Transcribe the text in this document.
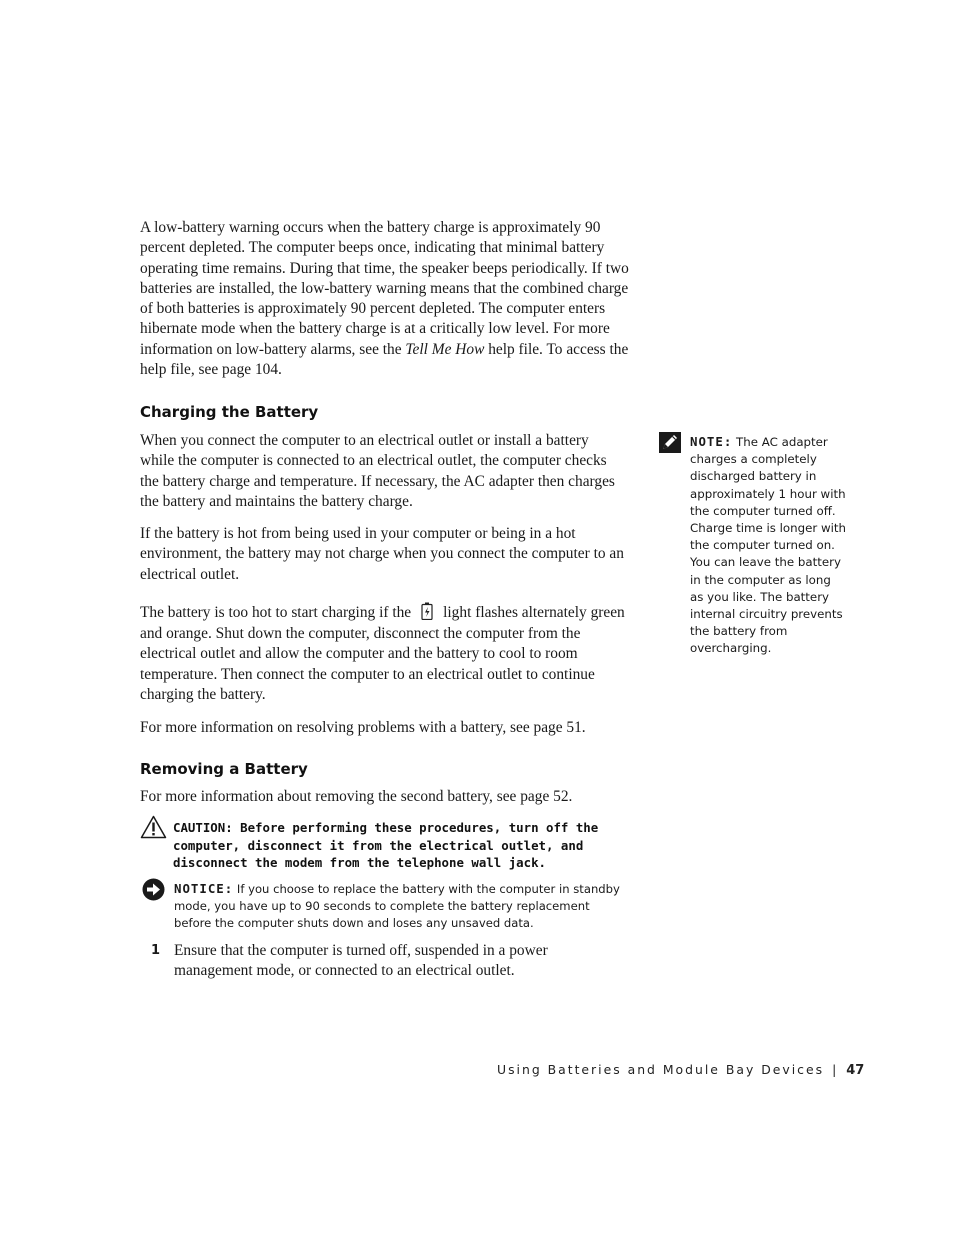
A low-battery warning occurs when the battery charge is approximately 90 percent depleted. The computer beeps once, indicating that minimal battery operating time remains. During that time, the speaker beeps periodically. If two batteries are installed, the low-battery warning means that the combined charge of both batteries is approximately 90 percent depleted. The computer enters hibernate mode when the battery charge is at a critically low level. For more information on low-battery alarms, see the Tell Me How help file. To access the help file, see page 104.
Charging the Battery
When you connect the computer to an electrical outlet or install a battery while the computer is connected to an electrical outlet, the computer checks the battery charge and temperature. If necessary, the AC adapter then charges the battery and maintains the battery charge.
If the battery is hot from being used in your computer or being in a hot environment, the battery may not charge when you connect the computer to an electrical outlet.
The battery is too hot to start charging if the light flashes alternately green and orange. Shut down the computer, disconnect the computer from the electrical outlet and allow the computer and the battery to cool to room temperature. Then connect the computer to an electrical outlet to continue charging the battery.
For more information on resolving problems with a battery, see page 51.
NOTE: The AC adapter charges a completely discharged battery in approximately 1 hour with the computer turned off. Charge time is longer with the computer turned on. You can leave the battery in the computer as long as you like. The battery internal circuitry prevents the battery from overcharging.
Removing a Battery
For more information about removing the second battery, see page 52.
CAUTION: Before performing these procedures, turn off the computer, disconnect it from the electrical outlet, and disconnect the modem from the telephone wall jack.
NOTICE: If you choose to replace the battery with the computer in standby mode, you have up to 90 seconds to complete the battery replacement before the computer shuts down and loses any unsaved data.
1 Ensure that the computer is turned off, suspended in a power management mode, or connected to an electrical outlet.
Using Batteries and Module Bay Devices | 47
